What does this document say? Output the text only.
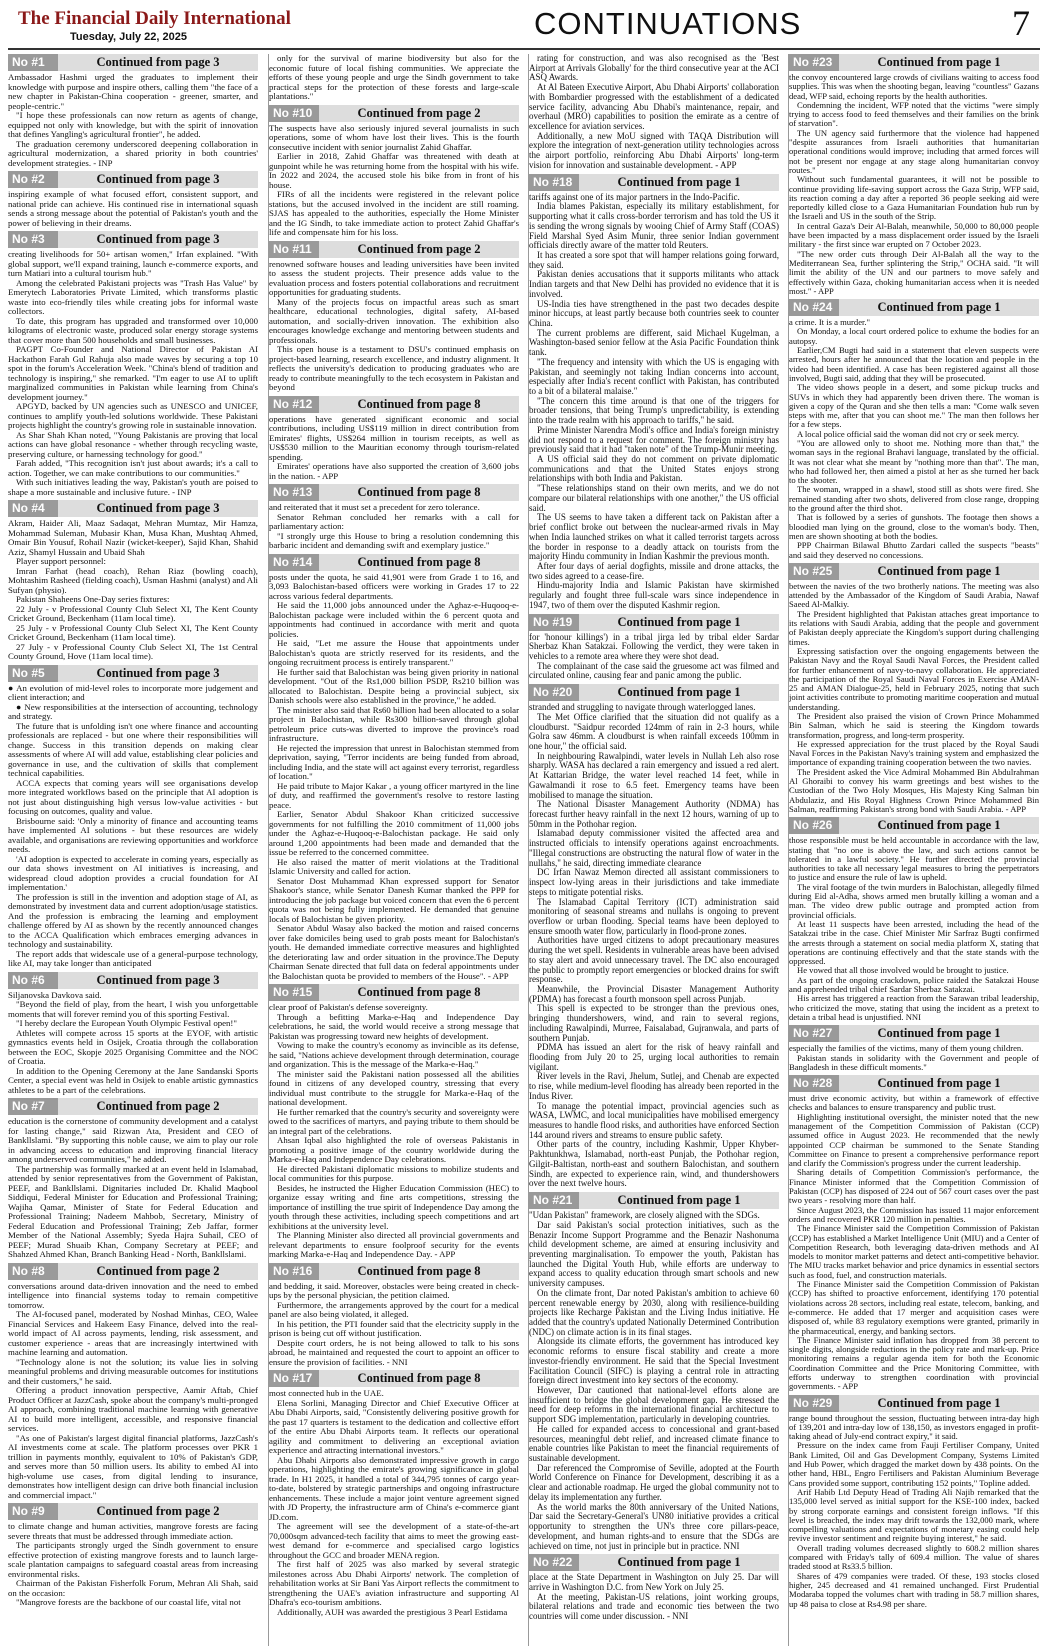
The Financial Daily International
Tuesday, July 22, 2025	CONTINUATIONS	7
No #1	Continued from page 3

Ambassador Hashmi urged the graduates to implement their knowledge with purpose and inspire others, calling them "the face of a new chapter in Pakistan-China cooperation - greener, smarter, and people-centric."

"I hope these professionals can now return as agents of change, equipped not only with knowledge, but with the spirit of innovation that defines Yangling's agricultural frontier", he added.

The graduation ceremony underscored deepening collaboration in agricultural modernization, a shared priority in both countries' development strategies. - INP

No #2	Continued from page 3

inspiring example of what focused effort, consistent support, and national pride can achieve. His continued rise in international squash sends a strong message about the potential of Pakistan's youth and the power of believing in their dreams.

No #3	Continued from page 3

creating livelihoods for 50+ artisan women," Irfan explained. "With global support, we'll expand training, launch e-commerce exports, and turn Matiari into a cultural tourism hub."

Among the celebrated Pakistani projects was "Trash Has Value" by Emerytech Laboratories Private Limited, which transforms plastic waste into eco-friendly tiles while creating jobs for informal waste collectors.

To date, this program has upgraded and transformed over 10,000 kilograms of electronic waste, produced solar energy storage systems that cover more than 500 households and small businesses.

PAGPT Co-Founder and National Director of Pakistan AI Hackathon Farah Gul Rahuja also made waves by securing a top 10 spot in the forum's Acceleration Week. "China's blend of tradition and technology is inspiring," she remarked. "I'm eager to use AI to uplift marginalized communities in Pakistan while learning from China's development journey."

APGYD, backed by UN agencies such as UNESCO and UNICEF, continues to amplify youth-led solutions worldwide. These Pakistani projects highlight the country's growing role in sustainable innovation.

As Shar Shah Khan noted, "Young Pakistanis are proving that local actions can have global resonance - whether through recycling waste, preserving culture, or harnessing technology for good."

Farah added, "This recognition isn't just about awards; it's a call to action. Together, we can make contributions to our communities."

With such initiatives leading the way, Pakistan's youth are poised to shape a more sustainable and inclusive future. - INP

No #4	Continued from page 3

Akram, Haider Ali, Maaz Sadaqat, Mehran Mumtaz, Mir Hamza, Mohammad Suleman, Mubasir Khan, Musa Khan, Mushtaq Ahmed, Omair Bin Yousuf, Rohail Nazir (wicket-keeper), Sajid Khan, Shahid Aziz, Shamyl Hussain and Ubaid Shah

Player support personnel:

Imran Farhat (head coach), Rehan Riaz (bowling coach), Mohtashim Rasheed (fielding coach), Usman Hashmi (analyst) and Ali Sufyan (physio).

Pakistan Shaheens One-Day series fixtures:

22 July - v Professional County Club Select XI, The Kent County Cricket Ground, Beckenham (11am local time).

25 July - v Professional County Club Select XI, The Kent County Cricket Ground, Beckenham (11am local time).

27 July - v Professional County Club Select XI, The 1st Central County Ground, Hove (11am local time).

No #5	Continued from page 3

● An evolution of mid-level roles to incorporate more judgement and client interaction; and

● New responsibilities at the intersection of accounting, technology and strategy.

The future that is unfolding isn't one where finance and accounting professionals are replaced - but one where their responsibilities will change. Success in this transition depends on making clear assessments of where AI will add value, establishing clear policies and governance in use, and the cultivation of skills that complement technical capabilities.

ACCA expects that coming years will see organisations develop more integrated workflows based on the principle that AI adoption is not just about distinguishing high versus low-value activities - but focusing on outcomes, quality and value.

Brisbourne said: 'Only a minority of finance and accounting teams have implemented AI solutions - but these resources are widely available, and organisations are reviewing opportunities and workforce needs.

'AI adoption is expected to accelerate in coming years, especially as our data shows investment on AI initiatives is increasing, and widespread cloud adoption provides a crucial foundation for AI implementation.'

The profession is still in the invention and adoption stage of AI, as demonstrated by investment data and current adoption/usage statistics. And the profession is embracing the learning and employment challenge offered by AI as shown by the recently announced changes to the ACCA Qualification which embraces emerging advances in technology and sustainability.

The report adds that widescale use of a general-purpose technology, like AI, may take longer than anticipated

No #6	Continued from page 3

Siljanovska Davkova said.

"Beyond the field of play, from the heart, I wish you unforgettable moments that will forever remind you of this sporting Festival.

"I hereby declare the European Youth Olympic Festival open!"

Athletes will compete across 15 sports at the EYOF, with artistic gymnastics events held in Osijek, Croatia through the collaboration between the EOC, Skopje 2025 Organising Committee and the NOC of Croatia.

In addition to the Opening Ceremony at the Jane Sandanski Sports Center, a special event was held in Osijek to enable artistic gymnastics athletes to be a part of the celebrations.

No #7	Continued from page 2

education is the cornerstone of community development and a catalyst for lasting change," said Rizwan Ata, President and CEO of Bankllslami. "By supporting this noble cause, we aim to play our role in advancing access to education and improving financial literacy among underserved communities," he added.

The partnership was formally marked at an event held in Islamabad, attended by senior representatives from the Government of Pakistan, PEEF, and Bankllslami. Dignitaries included Dr. Khalid Maqbool Siddiqui, Federal Minister for Education and Professional Training; Wajiha Qamar, Minister of State for Federal Education and Professional Training; Nadeem Mahbob, Secretary, Ministry of Federal Education and Professional Training; Zeb Jaffar, former Member of the National Assembly; Syeda Hajra Suhail, CEO of PEEF; Murad Shuaib Khan, Company Secretary at PEEF; and Shahzed Ahmed Khan, Branch Banking Head - North, Bankllslami.

No #8	Continued from page 2

conversations around data-driven innovation and the need to embed intelligence into financial systems today to remain competitive tomorrow.

The AI-focused panel, moderated by Noshad Minhas, CEO, Walee Financial Services and Hakeem Easy Finance, delved into the real-world impact of AI across payments, lending, risk assessment, and customer experience - areas that are increasingly intertwined with machine learning and automation.

"Technology alone is not the solution; its value lies in solving meaningful problems and driving measurable outcomes for institutions and their customers," he said.

Offering a product innovation perspective, Aamir Aftab, Chief Product Officer at JazzCash, spoke about the company's multi-pronged AI approach, combining traditional machine learning with generative AI to build more intelligent, accessible, and responsive financial services.

"As one of Pakistan's largest digital financial platforms, JazzCash's AI investments come at scale. The platform processes over PKR 1 trillion in payments monthly, equivalent to 10% of Pakistan's GDP, and serves more than 50 million users. Its ability to embed AI into high-volume use cases, from digital lending to insurance, demonstrates how intelligent design can drive both financial inclusion and commercial impact."

No #9	Continued from page 2

to climate change and human activities, mangrove forests are facing severe threats that must be addressed through immediate action.

The participants strongly urged the Sindh government to ensure effective protection of existing mangrove forests and to launch large-scale plantation campaigns to safeguard coastal areas from increasing environmental risks.

Chairman of the Pakistan Fisherfolk Forum, Mehran Ali Shah, said on the occasion:

"Mangrove forests are the backbone of our coastal life, vital not

only for the survival of marine biodiversity but also for the economic future of local fishing communities. We appreciate the efforts of these young people and urge the Sindh government to take practical steps for the protection of these forests and large-scale plantations."

No #10	Continued from page 2

The suspects have also seriously injured several journalists in such operations, some of whom have lost their lives. This is the fourth consecutive incident with senior journalist Zahid Ghaffar.

Earlier in 2018, Zahid Ghaffar was threatened with death at gunpoint while he was returning home from the hospital with his wife. In 2022 and 2024, the accused stole his bike from in front of his house.

FIRs of all the incidents were registered in the relevant police stations, but the accused involved in the incident are still roaming. SJAS has appealed to the authorities, especially the Home Minister and the IG Sindh, to take immediate action to protect Zahid Ghaffar's life and compensate him for his loss.

No #11	Continued from page 2

renowned software houses and leading universities have been invited to assess the student projects. Their presence adds value to the evaluation process and fosters potential collaborations and recruitment opportunities for graduating students.

Many of the projects focus on impactful areas such as smart healthcare, educational technologies, digital safety, AI-based automation, and socially-driven innovation. The exhibition also encourages knowledge exchange and mentoring between students and professionals.

This open house is a testament to DSU's continued emphasis on project-based learning, research excellence, and industry alignment. It reflects the university's dedication to producing graduates who are ready to contribute meaningfully to the tech ecosystem in Pakistan and beyond

No #12	Continued from page 8

operations have generated significant economic and social contributions, including US$119 million in direct contribution from Emirates' flights, US$264 million in tourism receipts, as well as US$530 million to the Mauritian economy through tourism-related spending.

Emirates' operations have also supported the creation of 3,600 jobs in the nation. - APP

No #13	Continued from page 8

and reiterated that it must set a precedent for zero tolerance.

Senator Rehman concluded her remarks with a call for parliamentary action:

"I strongly urge this House to bring a resolution condemning this barbaric incident and demanding swift and exemplary justice."

No #14	Continued from page 8

posts under the quota, he said 41,901 were from Grade 1 to 16, and 3,093 Balochistan-based officers were working in Grades 17 to 22 across various federal departments.

He said the 11,000 jobs announced under the Aghaz-e-Huqooq-e-Balochistan package were included within the 6 percent quota and appointments had continued in accordance with merit and quota policies.

He said, "Let me assure the House that appointments under Balochistan's quota are strictly reserved for its residents, and the ongoing recruitment process is entirely transparent."

He further said that Balochistan was being given priority in national development. "Out of the Rs1,000 billion PSDP, Rs210 billion was allocated to Balochistan. Despite being a provincial subject, six Danish schools were also established in the province," he added.

The minister also said that Rs60 billion had been allocated to a solar project in Balochistan, while Rs300 billion-saved through global petroleum price cuts-was diverted to improve the province's road infrastructure.

He rejected the impression that unrest in Balochistan stemmed from deprivation, saying, "Terror incidents are being funded from abroad, including India, and the state will act against every terrorist, regardless of location."

He paid tribute to Major Kakar , a young officer martyred in the line of duty, and reaffirmed the government's resolve to restore lasting peace.

Earlier, Senator Abdul Shakoor Khan criticized successive governments for not fulfilling the 2010 commitment of 11,000 jobs under the Aghaz-e-Huqooq-e-Balochistan package. He said only around 1,200 appointments had been made and demanded that the issue be referred to the concerned committee.

He also raised the matter of merit violations at the Traditional Islamic University and called for action.

Senator Dost Muhammad Khan expressed support for Senator Shakoor's stance, while Senator Danesh Kumar thanked the PPP for introducing the job package but voiced concern that even the 6 percent quota was not being fully implemented. He demanded that genuine locals of Balochistan be given priority.

Senator Abdul Wasay also backed the motion and raised concerns over fake domiciles being used to grab posts meant for Balochistan's youth. He demanded immediate corrective measures and highlighted the deteriorating law and order situation in the province.The Deputy Chairman Senate directed that full data on federal appointments under the Balochistan quota be provided to members of the House". - APP

No #15	Continued from page 8

clear proof of Pakistan's defense sovereignty.

Through a befitting Marka-e-Haq and Independence Day celebrations, he said, the world would receive a strong message that Pakistan was progressing toward new heights of development.

Vowing to make the country's economy as invincible as its defense, he said, "Nations achieve development through determination, courage and organization. This is the message of the Marka-e-Haq."

The minister said the Pakistani nation possessed all the abilities found in citizens of any developed country, stressing that every individual must contribute to the struggle for Marka-e-Haq of the national development.

He further remarked that the country's security and sovereignty were owed to the sacrifices of martyrs, and paying tribute to them should be an integral part of the celebrations.

Ahsan Iqbal also highlighted the role of overseas Pakistanis in promoting a positive image of the country worldwide during the Marka-e-Haq and Independence Day celebrations.

He directed Pakistani diplomatic missions to mobilize students and local communities for this purpose.

Besides, he instructed the Higher Education Commission (HEC) to organize essay writing and fine arts competitions, stressing the importance of instilling the true spirit of Independence Day among the youth through these activities, including speech competitions and art exhibitions at the university level.

The Planning Minister also directed all provincial governments and relevant departments to ensure foolproof security for the events marking Marka-e-Haq and Independence Day. - APP

No #16	Continued from page 8

and bedding, it said. Moreover, obstacles were being created in check-ups by the personal physician, the petition claimed.

Furthermore, the arrangements approved by the court for a medical panel are also being violated, it alleged.

In his petition, the PTI founder said that the electricity supply in the prison is being cut off without justification.

Despite court orders, he is not being allowed to talk to his sons abroad, he maintained and requested the court to appoint an officer to ensure the provision of facilities. - NNI

No #17	Continued from page 8

most connected hub in the UAE.

Elena Sorlini, Managing Director and Chief Executive Officer at Abu Dhabi Airports, said, "Consistently delivering positive growth for the past 17 quarters is testament to the dedication and collective effort of the entire Abu Dhabi Airports team. It reflects our operational agility and commitment to delivering an exceptional aviation experience and attracting international investors."

Abu Dhabi Airports also demonstrated impressive growth in cargo operations, highlighting the emirate's growing significance in global trade. In H1 2025, it handled a total of 344,795 tonnes of cargo year-to-date, bolstered by strategic partnerships and ongoing infrastructure enhancements. These include a major joint venture agreement signed with JD Property, the infrastructure arm of China's e-commerce giant JD.com.

The agreement will see the development of a state-of-the-art 70,000sqm advanced-tech facility that aims to meet the growing east-west demand for e-commerce and specialised cargo logistics throughout the GCC and broader MENA region.

The first half of 2025 was also marked by several strategic milestones across Abu Dhabi Airports' network. The completion of rehabilitation works at Sir Bani Yas Airport reflects the commitment to strengthening the UAE's aviation infrastructure and supporting Al Dhafra's eco-tourism ambitions.

Additionally, AUH was awarded the prestigious 3 Pearl Estidama

rating for construction, and was also recognised as the 'Best Airport at Arrivals Globally' for the third consecutive year at the ACI ASQ Awards.

At Al Bateen Executive Airport, Abu Dhabi Airports' collaboration with Bombardier progressed with the establishment of a dedicated service facility, advancing Abu Dhabi's maintenance, repair, and overhaul (MRO) capabilities to position the emirate as a centre of excellence for aviation services.

Additionally, a new MoU signed with TAQA Distribution will explore the integration of next-generation utility technologies across the airport portfolio, reinforcing Abu Dhabi Airports' long-term vision for innovation and sustainable development. - APP

No #18	Continued from page 1

tariffs against one of its major partners in the Indo-Pacific.

India blames Pakistan, especially its military establishment, for supporting what it calls cross-border terrorism and has told the US it is sending the wrong signals by wooing Chief of Army Staff (COAS) Field Marshal Syed Asim Munir, three senior Indian government officials directly aware of the matter told Reuters.

It has created a sore spot that will hamper relations going forward, they said.

Pakistan denies accusations that it supports militants who attack Indian targets and that New Delhi has provided no evidence that it is involved.

US-India ties have strengthened in the past two decades despite minor hiccups, at least partly because both countries seek to counter China.

The current problems are different, said Michael Kugelman, a Washington-based senior fellow at the Asia Pacific Foundation think tank.

"The frequency and intensity with which the US is engaging with Pakistan, and seemingly not taking Indian concerns into account, especially after India's recent conflict with Pakistan, has contributed to a bit of a bilateral malaise."

"The concern this time around is that one of the triggers for broader tensions, that being Trump's unpredictability, is extending into the trade realm with his approach to tariffs," he said.

Prime Minister Narendra Modi's office and India's foreign ministry did not respond to a request for comment. The foreign ministry has previously said that it had "taken note" of the Trump-Munir meeting.

A US official said they do not comment on private diplomatic communications and that the United States enjoys strong relationships with both India and Pakistan.

"These relationships stand on their own merits, and we do not compare our bilateral relationships with one another," the US official said.

The US seems to have taken a different tack on Pakistan after a brief conflict broke out between the nuclear-armed rivals in May when India launched strikes on what it called terrorist targets across the border in response to a deadly attack on tourists from the majority Hindu community in Indian Kashmir the previous month.

After four days of aerial dogfights, missile and drone attacks, the two sides agreed to a cease-fire.

Hindu-majority India and Islamic Pakistan have skirmished regularly and fought three full-scale wars since independence in 1947, two of them over the disputed Kashmir region.

No #19	Continued from page 1

for 'honour killings') in a tribal jirga led by tribal elder Sardar Sherbaz Khan Satakzai. Following the verdict, they were taken in vehicles to a remote area where they were shot dead.

The complainant of the case said the gruesome act was filmed and circulated online, causing fear and panic among the public.

No #20	Continued from page 1

stranded and struggling to navigate through waterlogged lanes.

The Met Office clarified that the situation did not qualify as a cloudburst. "Saidpur recorded 124mm of rain in 2-3 hours, while Golra saw 46mm. A cloudburst is when rainfall exceeds 100mm in one hour," the official said.

In neighbouring Rawalpindi, water levels in Nullah Leh also rose sharply. WASA has declared a rain emergency and issued a red alert. At Kattarian Bridge, the water level reached 14 feet, while in Gawalmandi it rose to 6.5 feet. Emergency teams have been mobilised to manage the situation.

The National Disaster Management Authority (NDMA) has forecast further heavy rainfall in the next 12 hours, warning of up to 50mm in the Pothohar region.

Islamabad deputy commissioner visited the affected area and instructed officials to intensify operations against encroachments. "Illegal constructions are obstructing the natural flow of water in the nullahs," he said, directing immediate clearance

DC Irfan Nawaz Memon directed all assistant commissioners to inspect low-lying areas in their jurisdictions and take immediate steps to mitigate potential risks.

The Islamabad Capital Territory (ICT) administration said monitoring of seasonal streams and nullahs is ongoing to prevent overflow or urban flooding. Special teams have been deployed to ensure smooth water flow, particularly in flood-prone zones.

Authorities have urged citizens to adopt precautionary measures during the wet spell. Residents in vulnerable areas have been advised to stay alert and avoid unnecessary travel. The DC also encouraged the public to promptly report emergencies or blocked drains for swift response.

Meanwhile, the Provincial Disaster Management Authority (PDMA) has forecast a fourth monsoon spell across Punjab.

This spell is expected to be stronger than the previous ones, bringing thundershowers, wind, and rain to several regions, including Rawalpindi, Murree, Faisalabad, Gujranwala, and parts of southern Punjab.

PDMA has issued an alert for the risk of heavy rainfall and flooding from July 20 to 25, urging local authorities to remain vigilant.

River levels in the Ravi, Jhelum, Sutlej, and Chenab are expected to rise, while medium-level flooding has already been reported in the Indus River.

To manage the potential impact, provincial agencies such as WASA, LWMC, and local municipalities have mobilised emergency measures to handle flood risks, and authorities have enforced Section 144 around rivers and streams to ensure public safety.

Other parts of the country, including Kashmir, Upper Khyber-Pakhtunkhwa, Islamabad, north-east Punjab, the Pothohar region, Gilgit-Baltistan, north-east and southern Balochistan, and southern Sindh, are expected to experience rain, wind, and thundershowers over the next twelve hours.

No #21	Continued from page 1

"Udan Pakistan" framework, are closely aligned with the SDGs.

Dar said Pakistan's social protection initiatives, such as the Benazir Income Support Programme and the Benazir Nashonuma child development scheme, are aimed at ensuring inclusivity and preventing marginalisation. To empower the youth, Pakistan has launched the Digital Youth Hub, while efforts are underway to expand access to quality education through smart schools and new university campuses.

On the climate front, Dar noted Pakistan's ambition to achieve 60 percent renewable energy by 2030, along with resilience-building projects like Recharge Pakistan and the Living Indus initiative. He added that the country's updated Nationally Determined Contribution (NDC) on climate action is in its final stages.

Alongside its climate efforts, the government has introduced key economic reforms to ensure fiscal stability and create a more investor-friendly environment. He said that the Special Investment Facilitation Council (SIFC) is playing a central role in attracting foreign direct investment into key sectors of the economy.

However, Dar cautioned that national-level efforts alone are insufficient to bridge the global development gap. He stressed the need for deep reforms in the international financial architecture to support SDG implementation, particularly in developing countries.

He called for expanded access to concessional and grant-based resources, meaningful debt relief, and increased climate finance to enable countries like Pakistan to meet the financial requirements of sustainable development.

Dar referenced the Compromise of Seville, adopted at the Fourth World Conference on Finance for Development, describing it as a clear and actionable roadmap. He urged the global community not to delay its implementation any further.

As the world marks the 80th anniversary of the United Nations, Dar said the Secretary-General's UN80 initiative provides a critical opportunity to strengthen the UN's three core pillars-peace, development, and human rights-and to ensure that the SDGs are achieved on time, not just in principle but in practice. NNI

No #22	Continued from page 1

place at the State Department in Washington on July 25. Dar will arrive in Washington D.C. from New York on July 25.

At the meeting, Pakistan-US relations, joint working groups, bilateral relations and trade and economic ties between the two countries will come under discussion. - NNI

No #23	Continued from page 1

the convoy encountered large crowds of civilians waiting to access food supplies. This was when the shooting began, leaving "countless" Gazans dead, WFP said, echoing reports by the health authorities.

Condemning the incident, WFP noted that the victims "were simply trying to access food to feed themselves and their families on the brink of starvation".

The UN agency said furthermore that the violence had happened "despite assurances from Israeli authorities that humanitarian operational conditions would improve; including that armed forces will not be present nor engage at any stage along humanitarian convoy routes."

Without such fundamental guarantees, it will not be possible to continue providing life-saving support across the Gaza Strip, WFP said, its reaction coming a day after a reported 36 people seeking aid were reportedly killed close to a Gaza Humanitarian Foundation hub run by the Israeli and US in the south of the Strip.

In central Gaza's Deir Al-Balah, meanwhile, 50,000 to 80,000 people have been impacted by a mass displacement order issued by the Israeli military - the first since war erupted on 7 October 2023.

"The new order cuts through Deir Al-Balah all the way to the Mediterranean Sea, further splintering the Strip," OCHA said. "It will limit the ability of the UN and our partners to move safely and effectively within Gaza, choking humanitarian access when it is needed most." - APP

No #24	Continued from page 1

a crime. It is a murder."

On Monday, a local court ordered police to exhume the bodies for an autopsy.

Earlier,CM Bugti had said in a statement that eleven suspects were arrested, hours after he announced that the location and people in the video had been identified. A case has been registered against all those involved, Bugti said, adding that they will be prosecuted.

The video shows people in a desert, and some pickup trucks and SUVs in which they had apparently been driven there. The woman is given a copy of the Quran and she then tells a man: "Come walk seven steps with me, after that you can shoot me." The man then follows her for a few steps.

A local police official said the woman did not cry or seek mercy.

"You are allowed only to shoot me. Nothing more than that," the woman says in the regional Brahavi language, translated by the official. It was not clear what she meant by "nothing more than that". The man, who had followed her, then aimed a pistol at her as she turned her back to the shooter.

The woman, wrapped in a shawl, stood still as shots were fired. She remained standing after two shots, delivered from close range, dropping to the ground after the third shot.

That is followed by a series of gunshots. The footage then shows a bloodied man lying on the ground, close to the woman's body. Then, men are shown shooting at both the bodies.

PPP Chairman Bilawal Bhutto Zardari called the suspects "beasts" and said they deserved no concessions.

No #25	Continued from page 1

between the navies of the two brotherly nations. The meeting was also attended by the Ambassador of the Kingdom of Saudi Arabia, Nawaf Saeed Al-Malkiy.

The President highlighted that Pakistan attaches great importance to its relations with Saudi Arabia, adding that the people and government of Pakistan deeply appreciate the Kingdom's support during challenging times.

Expressing satisfaction over the ongoing engagements between the Pakistan Navy and the Royal Saudi Naval Forces, the President called for further enhancement of navy-to-navy collaboration. He appreciated the participation of the Royal Saudi Naval Forces in Exercise AMAN-25 and AMAN Dialogue-25, held in February 2025, noting that such joint activities contribute to promoting maritime cooperation and mutual understanding.

The President also praised the vision of Crown Prince Mohammed Bin Salman, which he said is steering the Kingdom towards transformation, progress, and long-term prosperity.

He expressed appreciation for the trust placed by the Royal Saudi Naval Forces in the Pakistan Navy's training system and emphasized the importance of expanding training cooperation between the two navies.

The President asked the Vice Admiral Mohammed Bin Abdulrahman Al Ghoraibi to convey his warm greetings and best wishes to the Custodian of the Two Holy Mosques, His Majesty King Salman bin Abdulaziz, and His Royal Highness Crown Prince Mohammed Bin Salman, reaffirming Pakistan's strong bond with Saudi Arabia. - APP

No #26	Continued from page 1

those responsible must be held accountable in accordance with the law, stating that "no one is above the law, and such actions cannot be tolerated in a lawful society." He further directed the provincial authorities to take all necessary legal measures to bring the perpetrators to justice and ensure the rule of law is upheld.

The viral footage of the twin murders in Balochistan, allegedly filmed during Eid al-Adha, shows armed men brutally killing a woman and a man. The video drew public outrage and prompted action from provincial officials.

At least 11 suspects have been arrested, including the head of the Satakzai tribe in the case. Chief Minister Mir Sarfraz Bugti confirmed the arrests through a statement on social media platform X, stating that operations are continuing effectively and that the state stands with the oppressed.

He vowed that all those involved would be brought to justice.

As part of the ongoing crackdown, police raided the Satakzai House and apprehended tribal chief Sardar Sherbaz Satakzai.

His arrest has triggered a reaction from the Sarawan tribal leadership, who criticized the move, stating that using the incident as a pretext to detain a tribal head is unjustified. NNI

No #27	Continued from page 1

especially the families of the victims, many of them young children.

Pakistan stands in solidarity with the Government and people of Bangladesh in these difficult moments."

No #28	Continued from page 1

must drive economic activity, but within a framework of effective checks and balances to ensure transparency and public trust.

Highlighting institutional oversight, the minister noted that the new management of the Competition Commission of Pakistan (CCP) assumed office in August 2023. He recommended that the newly appointed CCP chairman be summoned to the Senate Standing Committee on Finance to present a comprehensive performance report and clarify the Commission's progress under the current leadership.

Sharing details of Competition Commission's performance, the Finance Minister informed that the Competition Commission of Pakistan (CCP) has disposed of 224 out of 567 court cases over the past two years - resolving more than half.

Since August 2023, the Commission has issued 11 major enforcement orders and recovered PKR 120 million in penalties.

The Finance Minister said the Competition Commission of Pakistan (CCP) has established a Market Intelligence Unit (MIU) and a Center of Competition Research, both leveraging data-driven methods and AI models to monitor market patterns and detect anti-competitive behavior. The MIU tracks market behavior and price dynamics in essential sectors such as food, fuel, and construction materials.

The Finance Minister said the Competition Commission of Pakistan (CCP) has shifted to proactive enforcement, identifying 170 potential violations across 28 sectors, including real estate, telecom, banking, and e-commerce. He added that 17 merger and acquisition cases were disposed of, while 83 regulatory exemptions were granted, primarily in the pharmaceutical, energy, and banking sectors.

The Finance Minister said inflation has dropped from 38 percent to single digits, alongside reductions in the policy rate and mark-up. Price monitoring remains a regular agenda item for both the Economic Coordination Committee and the Price Monitoring Committee, with efforts underway to strengthen coordination with provincial governments. - APP

No #29	Continued from page 1

range bound throughout the session, fluctuating between intra-day high of 139,201 and intra-day low of 138,150, as investors engaged in profit-taking ahead of July-end contract expiry," it said.

Pressure on the index came from Fauji Fertiliser Company, United Bank Limited, Oil and Gas Development Company, Systems Limited and Hub Power, which dragged the market down by 438 points. On the other hand, HBL, Engro Fertilisers and Pakistan Aluminium Beverage Cans provided some support, contributing 152 points," Topline added.

Arif Habib Ltd Deputy Head of Trading Ali Najib remarked that the 135,000 level served as initial support for the KSE-100 index, backed by strong corporate earnings and consistent foreign inflows. "If this level is breached, the index may drift towards the 132,000 mark, where compelling valuations and expectations of monetary easing could help revive investor sentiment and reignite buying interest," he said.

Overall trading volumes decreased slightly to 608.2 million shares compared with Friday's tally of 609.4 million. The value of shares traded stood at Rs33.5 billion.

Shares of 479 companies were traded. Of these, 193 stocks closed higher, 245 decreased and 41 remained unchanged. First Prudential Modaraba topped the volumes chart with trading in 58.7 million shares, up 48 paisa to close at Rs4.98 per share.
